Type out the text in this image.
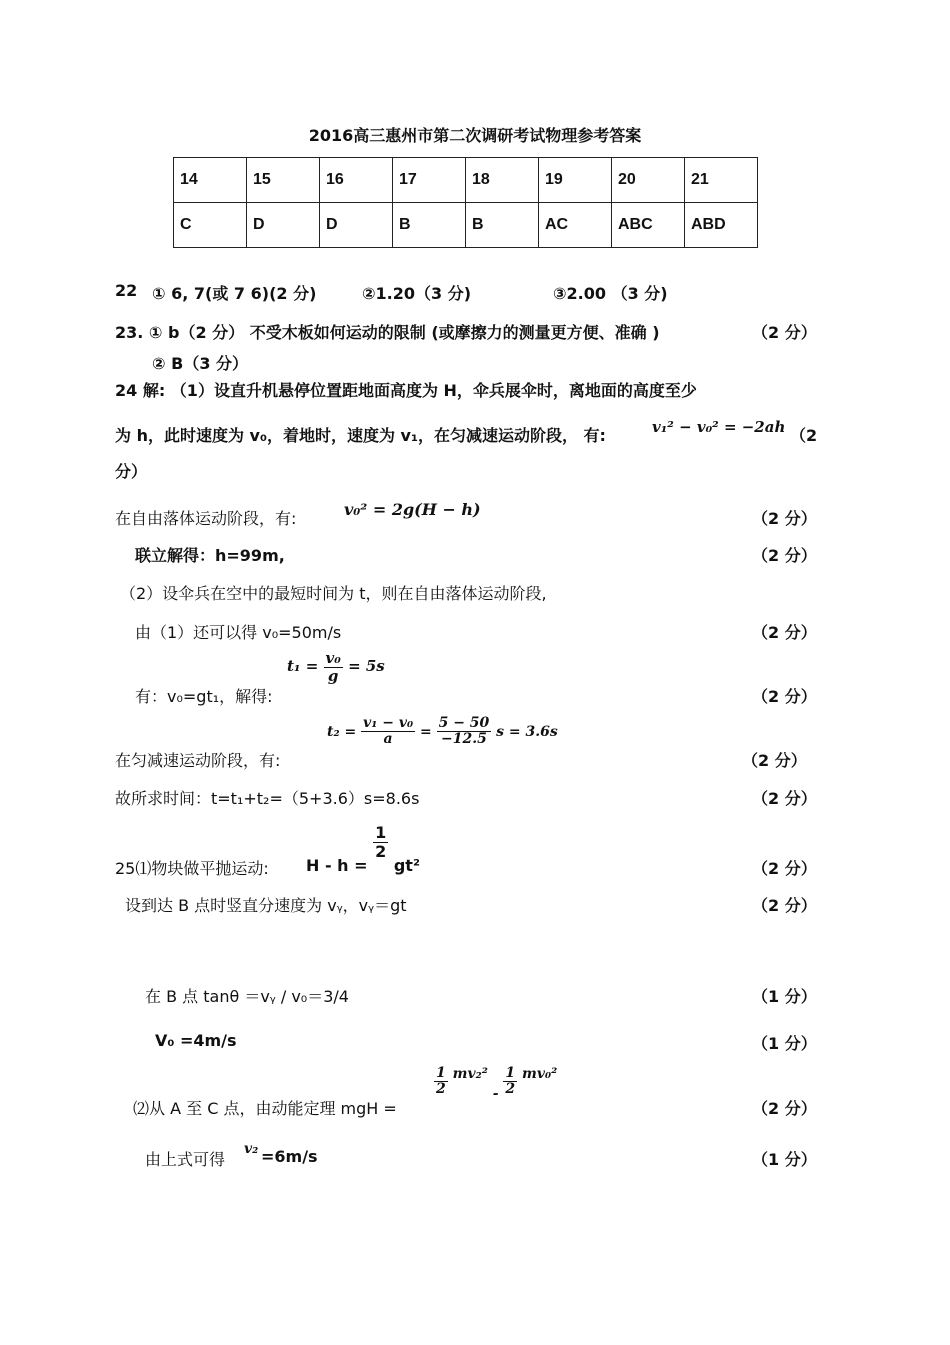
2016高三惠州市第二次调研考试物理参考答案
14	15	16	17	18	19	20	21
C	D	D	B	B	AC	ABC	ABD
22 ① 6, 7(或 7 6)(2 分)	②1.20（3 分)	③2.00 （3 分)
23. ① b（2 分） 不受木板如何运动的限制 (或摩擦力的测量更方便、准确 )	（2 分）
② B（3 分）
24 解: （1）设直升机悬停位置距地面高度为 H，伞兵展伞时，离地面的高度至少
为 h，此时速度为 v₀，着地时，速度为 v₁，在匀减速运动阶段， 有:	v₁² − v₀² = −2ah （2
分）
在自由落体运动阶段，有:	v₀² = 2g(H − h)	（2 分）
联立解得：h=99m,	（2 分）
（2）设伞兵在空中的最短时间为 t，则在自由落体运动阶段,
由（1）还可以得 v₀=50m/s	（2 分）
有：v₀=gt₁，解得:
$t_1 = \frac{\text{v₀}}{g} = 5s$
（2 分）
在匀减速运动阶段，有:
$t_2 = \frac{\text{v₁ − v₀}}{a} = \frac{5 - 50}{-12.5}$ s = 3.6s
（2 分）
故所求时间：t=t₁+t₂=（5+3.6）s=8.6s	（2 分）
25⑴物块做平抛运动: H - h =
$\frac{1}{2}$
gt²	（2 分）
设到达 B 点时竖直分速度为 vᵧ，vᵧ＝gt	（2 分）
在 B 点 tanθ ＝vᵧ / v₀＝3/4	（1 分）
V₀ =4m/s	（1 分）
⑵从 A 至 C 点，由动能定理 mgH =
$\frac{1}{2} mv_2^2 - \frac{1}{2} mv_0^2$
（2 分）
由上式可得
v₂ =6m/s	（1 分）
